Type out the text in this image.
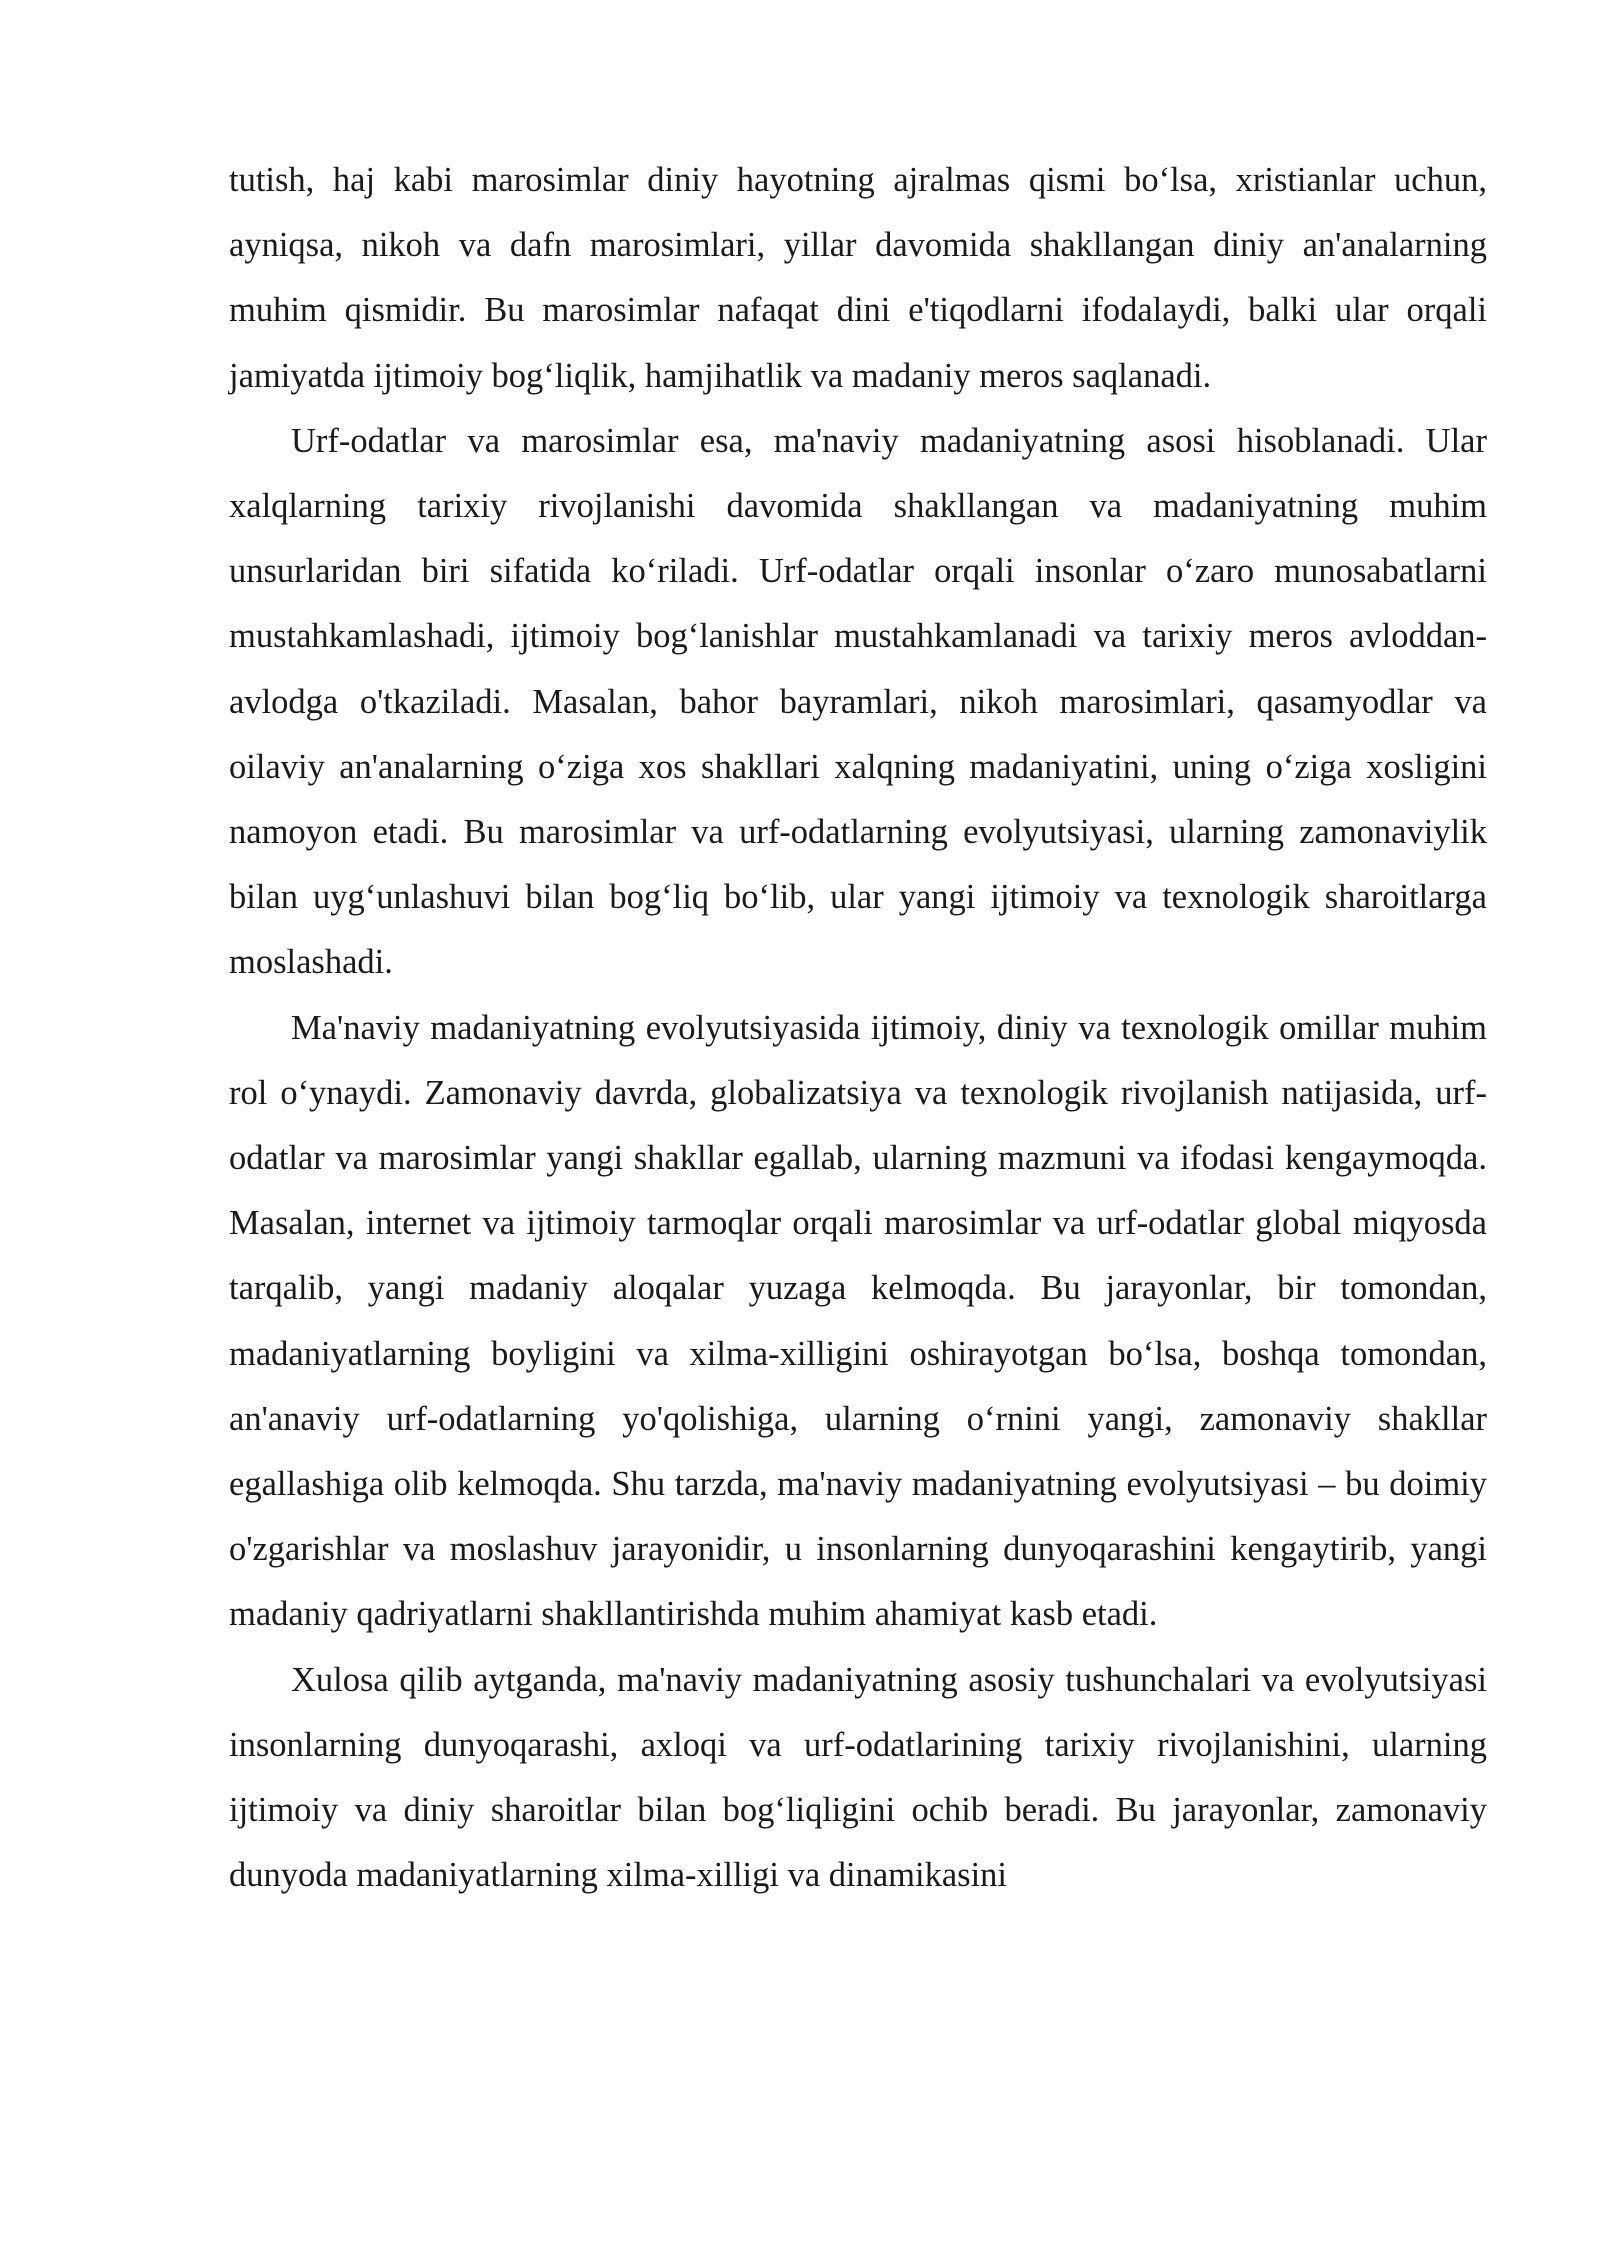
tutish, haj kabi marosimlar diniy hayotning ajralmas qismi bo‘lsa, xristianlar uchun, ayniqsa, nikoh va dafn marosimlari, yillar davomida shakllangan diniy an'analarning muhim qismidir. Bu marosimlar nafaqat dini e'tiqodlarni ifodalaydi, balki ular orqali jamiyatda ijtimoiy bog‘liqlik, hamjihatlik va madaniy meros saqlanadi.

Urf-odatlar va marosimlar esa, ma'naviy madaniyatning asosi hisoblanadi. Ular xalqlarning tarixiy rivojlanishi davomida shakllangan va madaniyatning muhim unsurlaridan biri sifatida ko‘riladi. Urf-odatlar orqali insonlar o‘zaro munosabatlarni mustahkamlashadi, ijtimoiy bog‘lanishlar mustahkamlanadi va tarixiy meros avloddan-avlodga o'tkaziladi. Masalan, bahor bayramlari, nikoh marosimlari, qasamyodlar va oilaviy an'analarning o‘ziga xos shakllari xalqning madaniyatini, uning o‘ziga xosligini namoyon etadi. Bu marosimlar va urf-odatlarning evolyutsiyasi, ularning zamonaviylik bilan uyg‘unlashuvi bilan bog‘liq bo‘lib, ular yangi ijtimoiy va texnologik sharoitlarga moslashadi.

Ma'naviy madaniyatning evolyutsiyasida ijtimoiy, diniy va texnologik omillar muhim rol o‘ynaydi. Zamonaviy davrda, globalizatsiya va texnologik rivojlanish natijasida, urf-odatlar va marosimlar yangi shakllar egallab, ularning mazmuni va ifodasi kengaymoqda. Masalan, internet va ijtimoiy tarmoqlar orqali marosimlar va urf-odatlar global miqyosda tarqalib, yangi madaniy aloqalar yuzaga kelmoqda. Bu jarayonlar, bir tomondan, madaniyatlarning boyligini va xilma-xilligini oshirayotgan bo‘lsa, boshqa tomondan, an'anaviy urf-odatlarning yo'qolishiga, ularning o‘rnini yangi, zamonaviy shakllar egallashiga olib kelmoqda. Shu tarzda, ma'naviy madaniyatning evolyutsiyasi – bu doimiy o'zgarishlar va moslashuv jarayonidir, u insonlarning dunyoqarashini kengaytirib, yangi madaniy qadriyatlarni shakllantirishda muhim ahamiyat kasb etadi.

Xulosa qilib aytganda, ma'naviy madaniyatning asosiy tushunchalari va evolyutsiyasi insonlarning dunyoqarashi, axloqi va urf-odatlarining tarixiy rivojlanishini, ularning ijtimoiy va diniy sharoitlar bilan bog‘liqligini ochib beradi. Bu jarayonlar, zamonaviy dunyoda madaniyatlarning xilma-xilligi va dinamikasini
